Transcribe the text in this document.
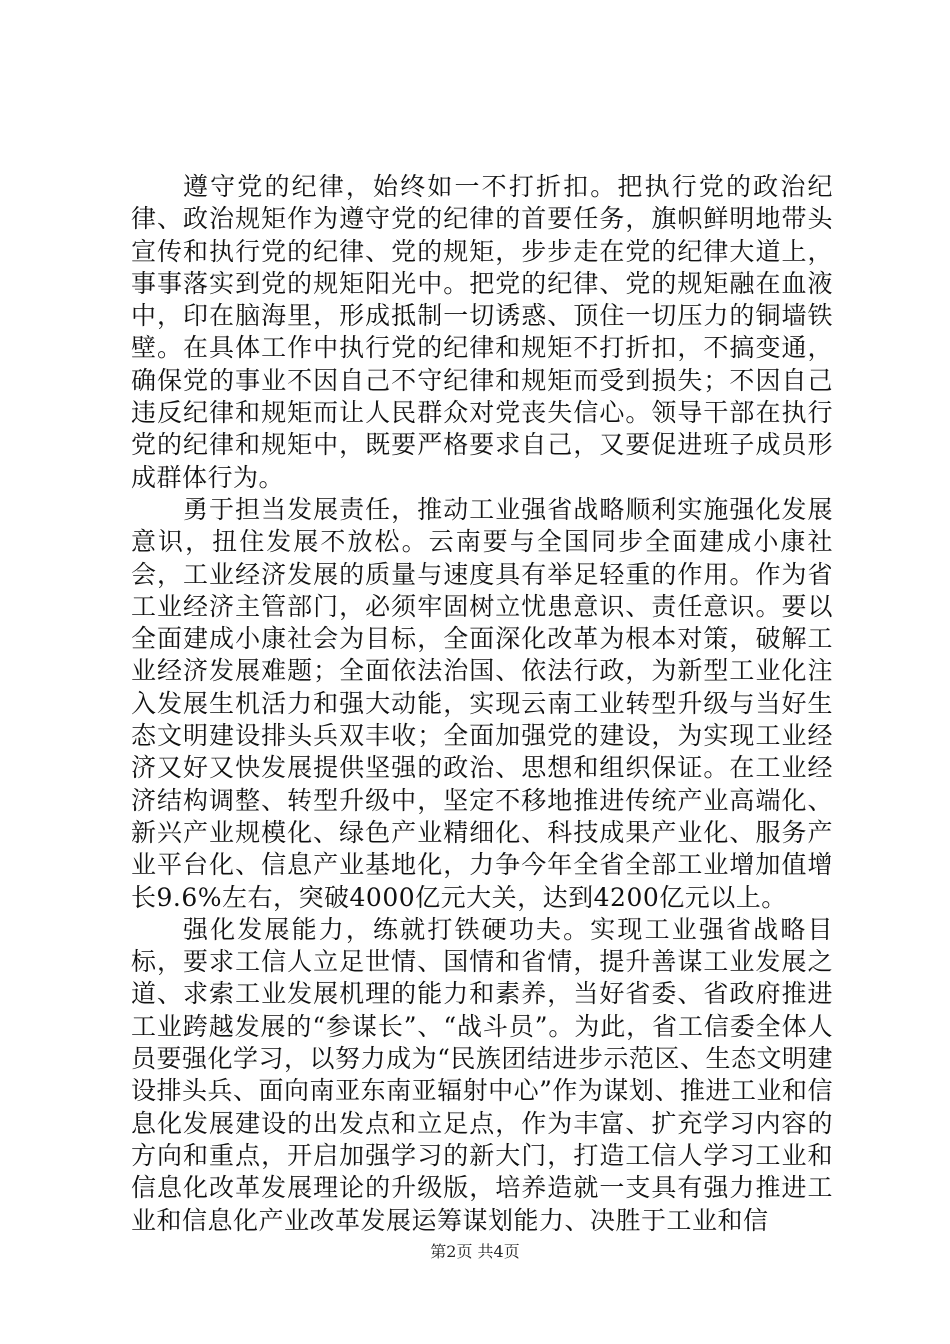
遵守党的纪律，始终如一不打折扣。把执行党的政治纪律、政治规矩作为遵守党的纪律的首要任务，旗帜鲜明地带头宣传和执行党的纪律、党的规矩，步步走在党的纪律大道上，事事落实到党的规矩阳光中。把党的纪律、党的规矩融在血液中，印在脑海里，形成抵制一切诱惑、顶住一切压力的铜墙铁壁。在具体工作中执行党的纪律和规矩不打折扣，不搞变通，确保党的事业不因自己不守纪律和规矩而受到损失；不因自己违反纪律和规矩而让人民群众对党丧失信心。领导干部在执行党的纪律和规矩中，既要严格要求自己，又要促进班子成员形成群体行为。

勇于担当发展责任，推动工业强省战略顺利实施强化发展意识，扭住发展不放松。云南要与全国同步全面建成小康社会，工业经济发展的质量与速度具有举足轻重的作用。作为省工业经济主管部门，必须牢固树立忧患意识、责任意识。要以全面建成小康社会为目标，全面深化改革为根本对策，破解工业经济发展难题；全面依法治国、依法行政，为新型工业化注入发展生机活力和强大动能，实现云南工业转型升级与当好生态文明建设排头兵双丰收；全面加强党的建设，为实现工业经济又好又快发展提供坚强的政治、思想和组织保证。在工业经济结构调整、转型升级中，坚定不移地推进传统产业高端化、新兴产业规模化、绿色产业精细化、科技成果产业化、服务产业平台化、信息产业基地化，力争今年全省全部工业增加值增长9.6%左右，突破4000亿元大关，达到4200亿元以上。

强化发展能力，练就打铁硬功夫。实现工业强省战略目标，要求工信人立足世情、国情和省情，提升善谋工业发展之道、求索工业发展机理的能力和素养，当好省委、省政府推进工业跨越发展的“参谋长”、“战斗员”。为此，省工信委全体人员要强化学习，以努力成为“民族团结进步示范区、生态文明建设排头兵、面向南亚东南亚辐射中心”作为谋划、推进工业和信息化发展建设的出发点和立足点，作为丰富、扩充学习内容的方向和重点，开启加强学习的新大门，打造工信人学习工业和信息化改革发展理论的升级版，培养造就一支具有强力推进工业和信息化产业改革发展运筹谋划能力、决胜于工业和信

第2页 共4页
